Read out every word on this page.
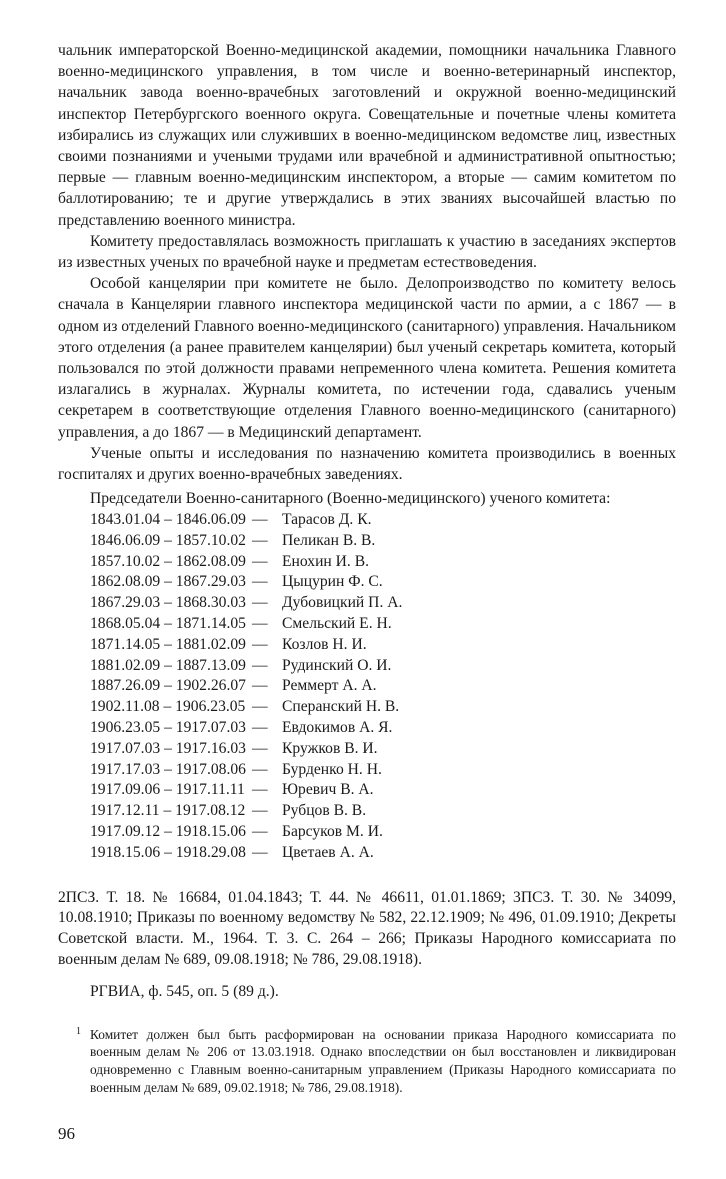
чальник императорской Военно-медицинской академии, помощники начальника Главного военно-медицинского управления, в том числе и военно-ветеринарный инспектор, начальник завода военно-врачебных заготовлений и окружной военно-медицинский инспектор Петербургского военного округа. Совещательные и почетные члены комитета избирались из служащих или служивших в военно-медицинском ведомстве лиц, известных своими познаниями и учеными трудами или врачебной и административной опытностью; первые — главным военно-медицинским инспектором, а вторые — самим комитетом по баллотированию; те и другие утверждались в этих званиях высочайшей властью по представлению военного министра.

Комитету предоставлялась возможность приглашать к участию в заседаниях экспертов из известных ученых по врачебной науке и предметам естествоведения.

Особой канцелярии при комитете не было. Делопроизводство по комитету велось сначала в Канцелярии главного инспектора медицинской части по армии, а с 1867 — в одном из отделений Главного военно-медицинского (санитарного) управления. Начальником этого отделения (а ранее правителем канцелярии) был ученый секретарь комитета, который пользовался по этой должности правами непременного члена комитета. Решения комитета излагались в журналах. Журналы комитета, по истечении года, сдавались ученым секретарем в соответствующие отделения Главного военно-медицинского (санитарного) управления, а до 1867 — в Медицинский департамент.

Ученые опыты и исследования по назначению комитета производились в военных госпиталях и других военно-врачебных заведениях.

Председатели Военно-санитарного (Военно-медицинского) ученого комитета:

1843.01.04 – 1846.06.09 — Тарасов Д. К.
1846.06.09 – 1857.10.02 — Пеликан В. В.
1857.10.02 – 1862.08.09 — Енохин И. В.
1862.08.09 – 1867.29.03 — Цыцурин Ф. С.
1867.29.03 – 1868.30.03 — Дубовицкий П. А.
1868.05.04 – 1871.14.05 — Смельский Е. Н.
1871.14.05 – 1881.02.09 — Козлов Н. И.
1881.02.09 – 1887.13.09 — Рудинский О. И.
1887.26.09 – 1902.26.07 — Реммерт А. А.
1902.11.08 – 1906.23.05 — Сперанский Н. В.
1906.23.05 – 1917.07.03 — Евдокимов А. Я.
1917.07.03 – 1917.16.03 — Кружков В. И.
1917.17.03 – 1917.08.06 — Бурденко Н. Н.
1917.09.06 – 1917.11.11 — Юревич В. А.
1917.12.11 – 1917.08.12 — Рубцов В. В.
1917.09.12 – 1918.15.06 — Барсуков М. И.
1918.15.06 – 1918.29.08 — Цветаев А. А.

2ПСЗ. Т. 18. № 16684, 01.04.1843; Т. 44. № 46611, 01.01.1869; 3ПСЗ. Т. 30. № 34099, 10.08.1910; Приказы по военному ведомству № 582, 22.12.1909; № 496, 01.09.1910; Декреты Советской власти. М., 1964. Т. 3. С. 264 – 266; Приказы Народного комиссариата по военным делам № 689, 09.08.1918; № 786, 29.08.1918).

РГВИА, ф. 545, оп. 5 (89 д.).

1 Комитет должен был быть расформирован на основании приказа Народного комиссариата по военным делам № 206 от 13.03.1918. Однако впоследствии он был восстановлен и ликвидирован одновременно с Главным военно-санитарным управлением (Приказы Народного комиссариата по военным делам № 689, 09.02.1918; № 786, 29.08.1918).

96
